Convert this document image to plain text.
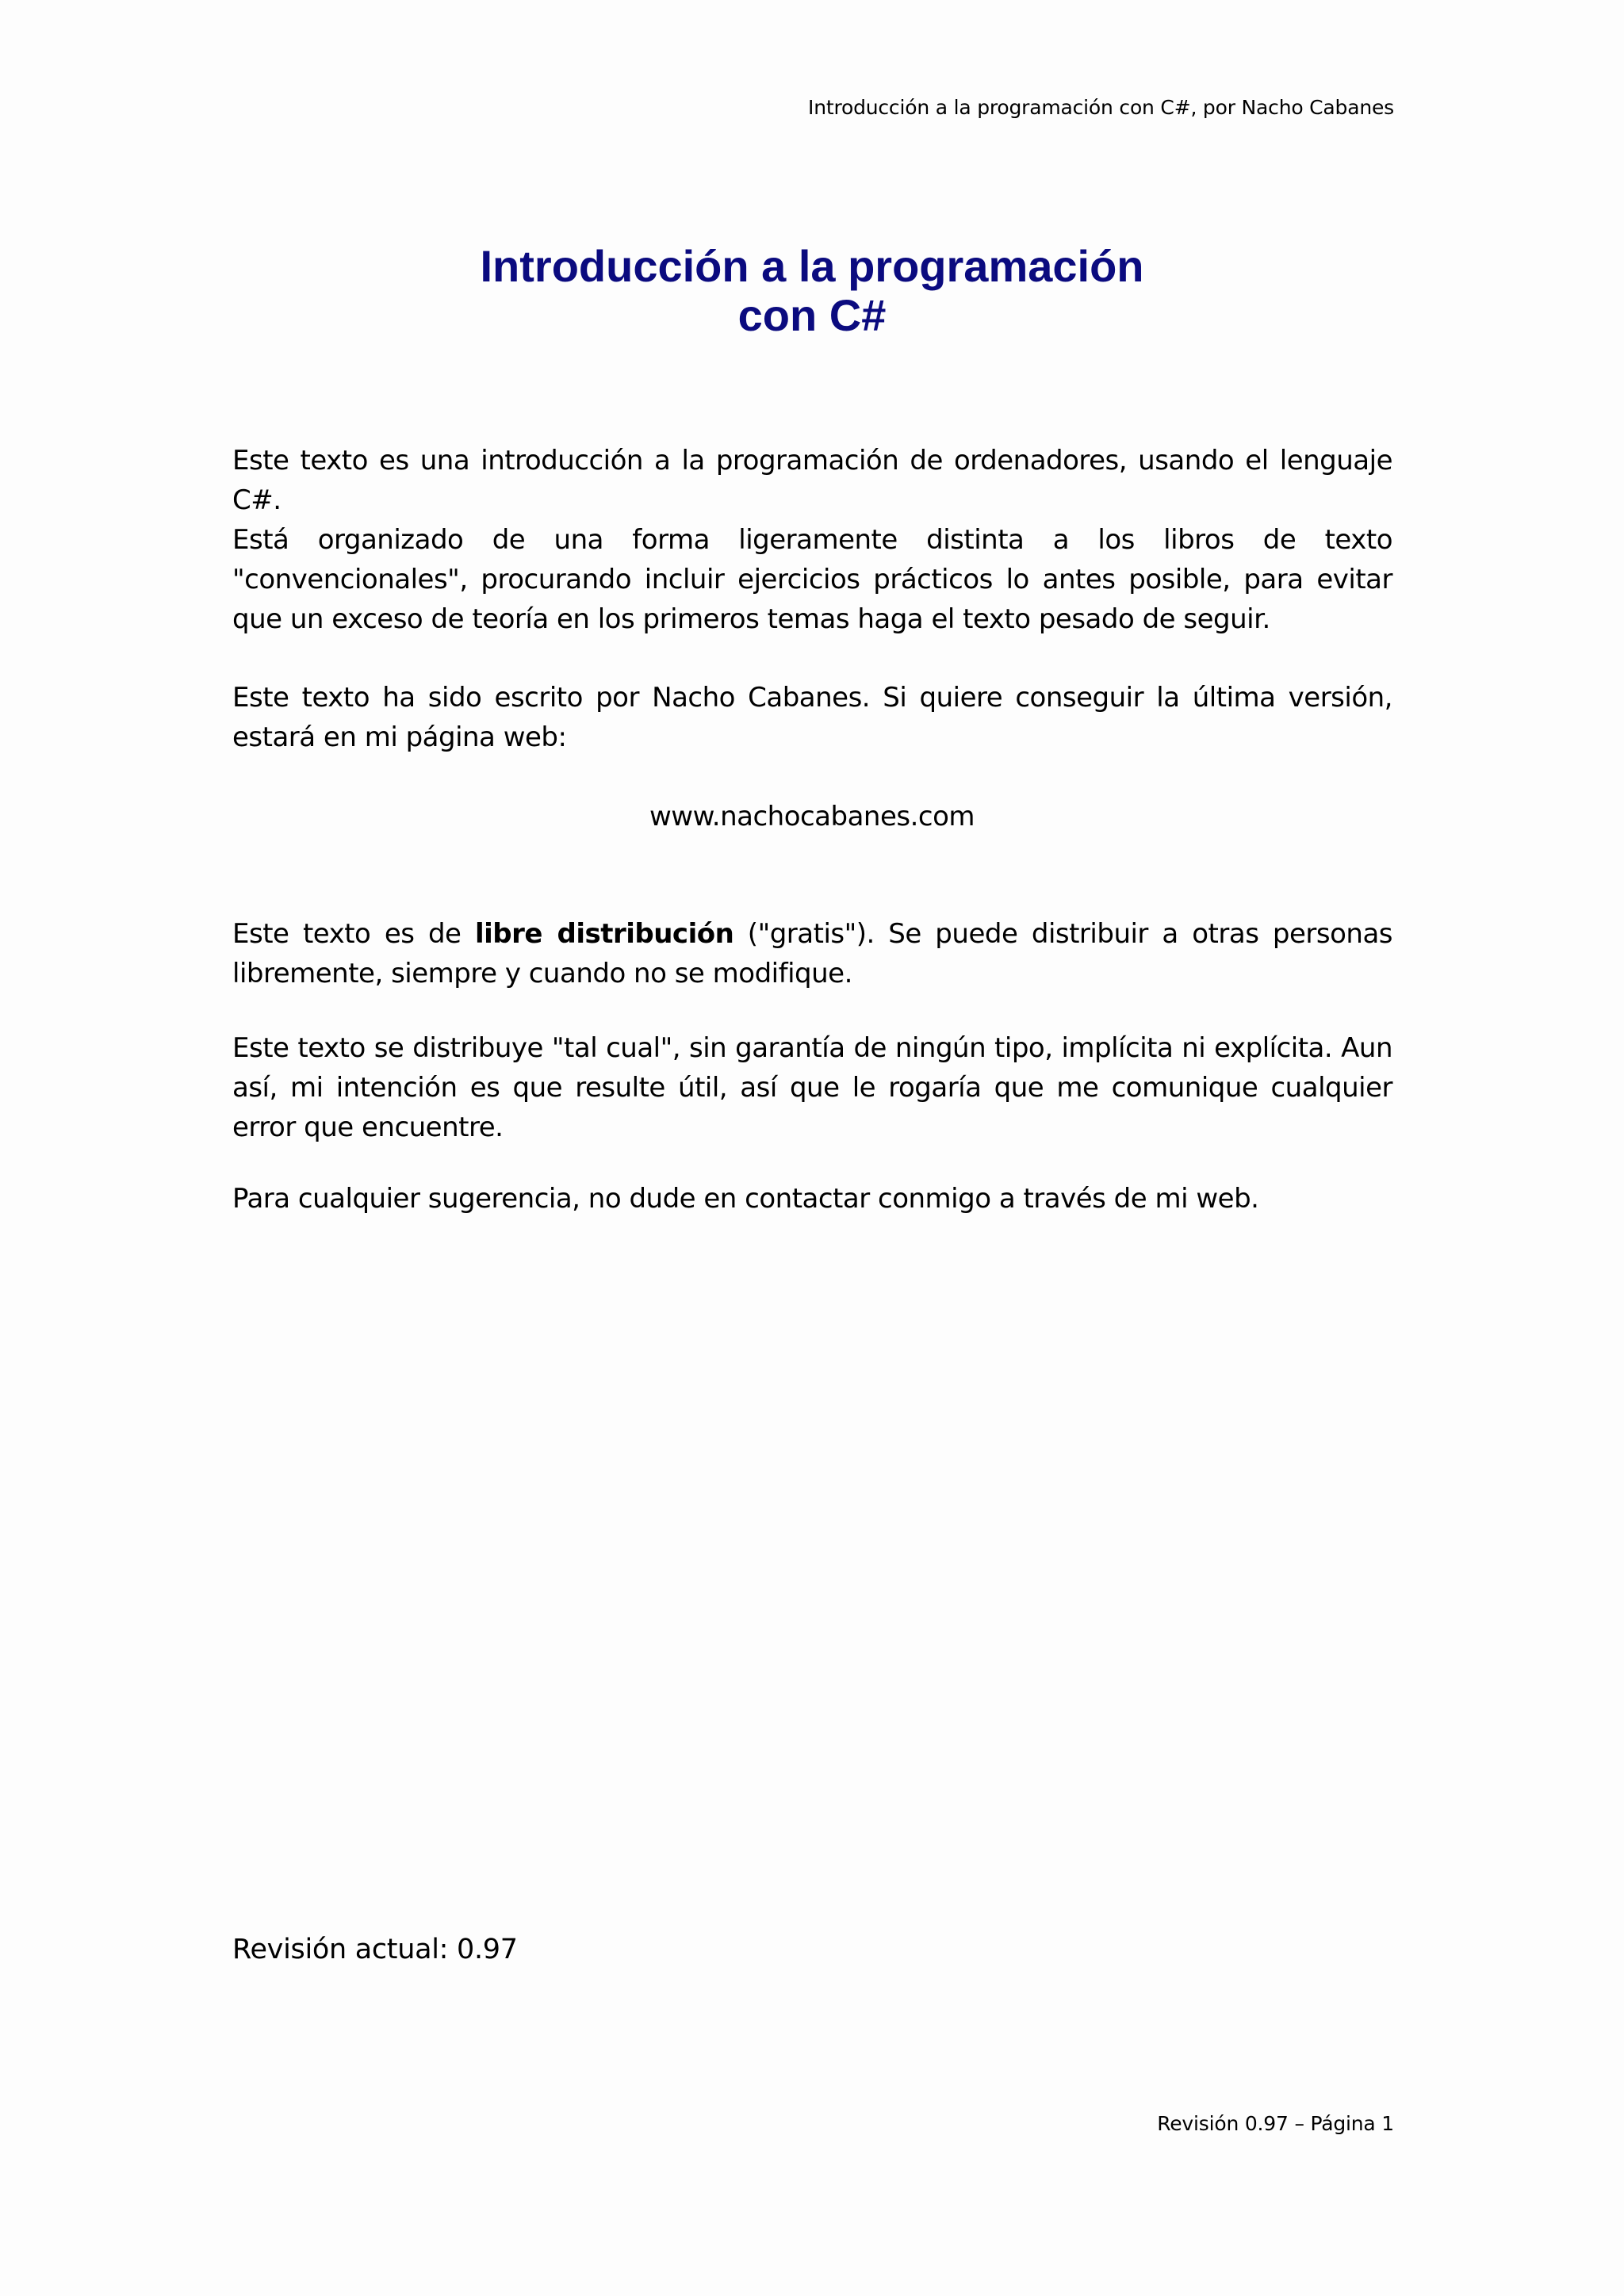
Introducción a la programación con C#, por Nacho Cabanes
Introducción a la programación
con C#
Este texto es una introducción a la programación de ordenadores, usando el lenguaje C#.
Está organizado de una forma ligeramente distinta a los libros de texto "convencionales", procurando incluir ejercicios prácticos lo antes posible, para evitar que un exceso de teoría en los primeros temas haga el texto pesado de seguir.
Este texto ha sido escrito por Nacho Cabanes. Si quiere conseguir la última versión, estará en mi página web:
www.nachocabanes.com
Este texto es de libre distribución ("gratis"). Se puede distribuir a otras personas libremente, siempre y cuando no se modifique.
Este texto se distribuye "tal cual", sin garantía de ningún tipo, implícita ni explícita. Aun así, mi intención es que resulte útil, así que le rogaría que me comunique cualquier error que encuentre.
Para cualquier sugerencia, no dude en contactar conmigo a través de mi web.
Revisión actual: 0.97
Revisión 0.97 – Página 1
